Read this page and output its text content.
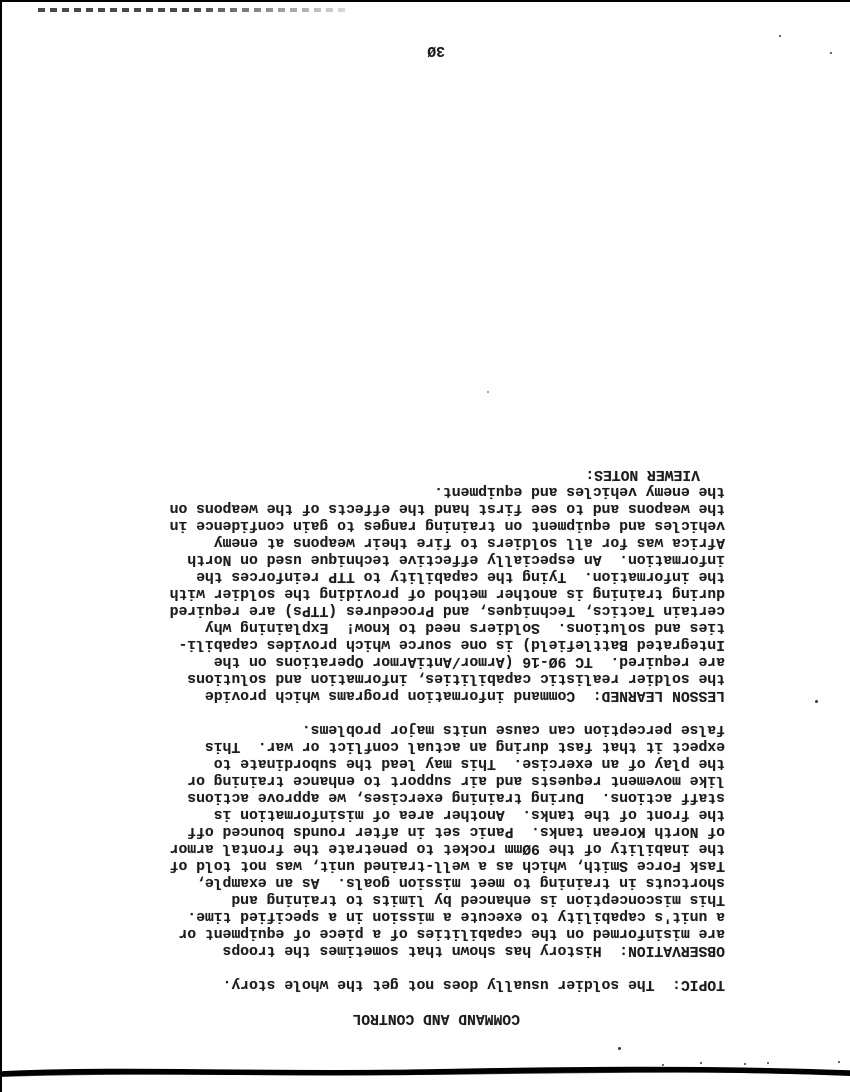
COMMAND AND CONTROL
TOPIC:  The soldier usually does not get the whole story.
OBSERVATION:  History has shown that sometimes the troops
are misinformed on the capabilities of a piece of equipment or
a unit's capability to execute a mission in a specified time.
This misconception is enhanced by limits to training and
shortcuts in training to meet mission goals.  As an example,
Task Force Smith, which as a well-trained unit, was not told of
the inability of the 9Ømm rocket to penetrate the frontal armor
of North Korean tanks.  Panic set in after rounds bounced off
the front of the tanks.  Another area of misinformation is
staff actions.  During training exercises, we approve actions
like movement requests and air support to enhance training or
the play of an exercise.  This may lead the subordinate to
expect it that fast during an actual conflict or war.  This
false perception can cause units major problems.
LESSON LEARNED:  Command information programs which provide
the soldier realistic capabilities, information and solutions
are required.  TC 9Ø-16 (Armor/AntiArmor Operations on the
Integrated Battlefield) is one source which provides capabili-
ties and solutions.  Soldiers need to know!  Explaining why
certain Tactics, Techniques, and Procedures (TTPs) are required
during training is another method of providing the soldier with
the information.  Tying the capability to TTP reinforces the
information.  An especially effective technique used on North
Africa was for all soldiers to fire their weapons at enemy
vehicles and equipment on training ranges to gain confidence in
the weapons and to see first hand the effects of the weapons on
the enemy vehicles and equipment.
VIEWER NOTES:
3Ø
